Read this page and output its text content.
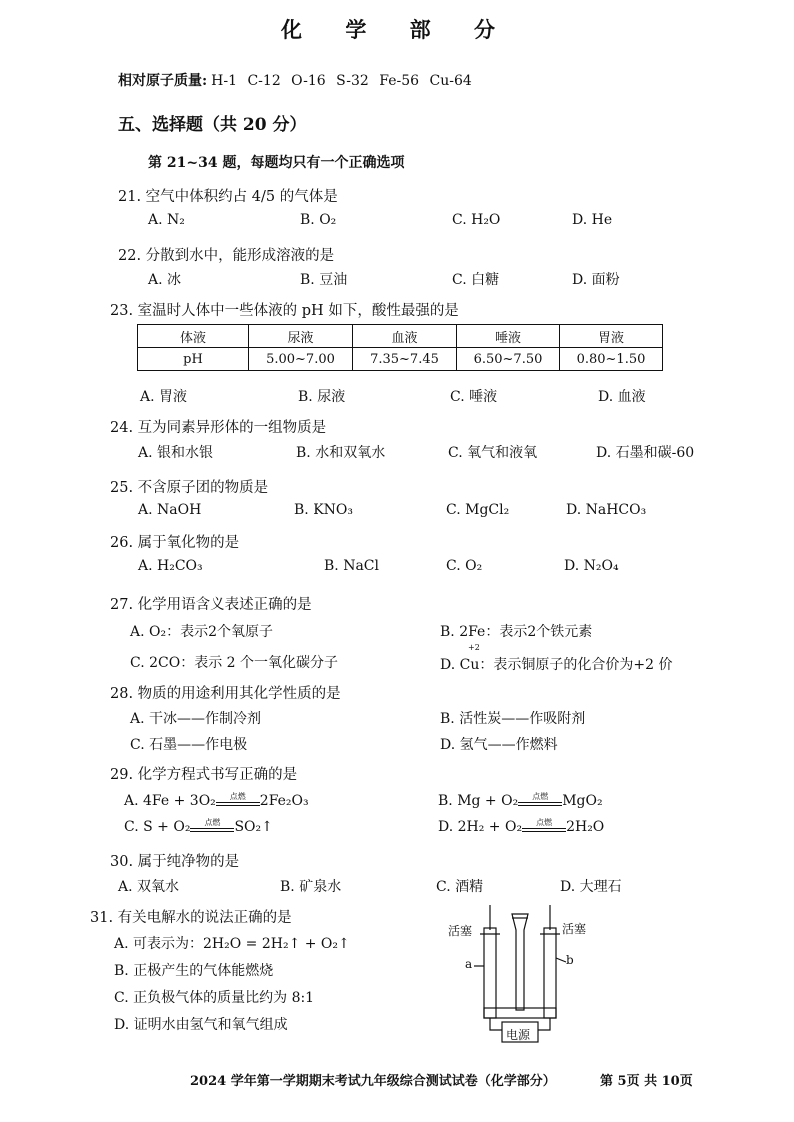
化 学 部 分
相对原子质量: H-1 C-12 O-16 S-32 Fe-56 Cu-64
五、选择题（共 20 分）
第 21~34 题，每题均只有一个正确选项
21. 空气中体积约占 4/5 的气体是
A. N₂	B. O₂	C. H₂O	D. He
22. 分散到水中，能形成溶液的是
A. 冰	B. 豆油	C. 白糖	D. 面粉
23. 室温时人体中一些体液的 pH 如下，酸性最强的是
体液	尿液	血液	唾液	胃液
pH	5.00~7.00	7.35~7.45	6.50~7.50	0.80~1.50
A. 胃液	B. 尿液	C. 唾液	D. 血液
24. 互为同素异形体的一组物质是
A. 银和水银	B. 水和双氧水	C. 氧气和液氧	D. 石墨和碳-60
25. 不含原子团的物质是
A. NaOH	B. KNO₃	C. MgCl₂	D. NaHCO₃
26. 属于氧化物的是
A. H₂CO₃	B. NaCl	C. O₂	D. N₂O₄
27. 化学用语含义表述正确的是
A. O₂：表示2个氧原子	B. 2Fe：表示2个铁元素
C. 2CO：表示 2 个一氧化碳分子
+2
D. Cu：表示铜原子的化合价为+2 价
28. 物质的用途利用其化学性质的是
A. 干冰——作制冷剂	B. 活性炭——作吸附剂
C. 石墨——作电极	D. 氢气——作燃料
29. 化学方程式书写正确的是
A. 4Fe + 3O₂ 点燃 2Fe₂O₃	B. Mg + O₂ 点燃 MgO₂
C. S + O₂ 点燃 SO₂↑	D. 2H₂ + O₂ 点燃 2H₂O
30. 属于纯净物的是
A. 双氧水	B. 矿泉水	C. 酒精	D. 大理石
31. 有关电解水的说法正确的是
A. 可表示为：2H₂O = 2H₂↑ + O₂↑
B. 正极产生的气体能燃烧
C. 正负极气体的质量比约为 8:1
D. 证明水由氢气和氧气组成
活塞	活塞
a	b
电源
2024 学年第一学期期末考试九年级综合测试试卷（化学部分）	第 5页 共 10页
